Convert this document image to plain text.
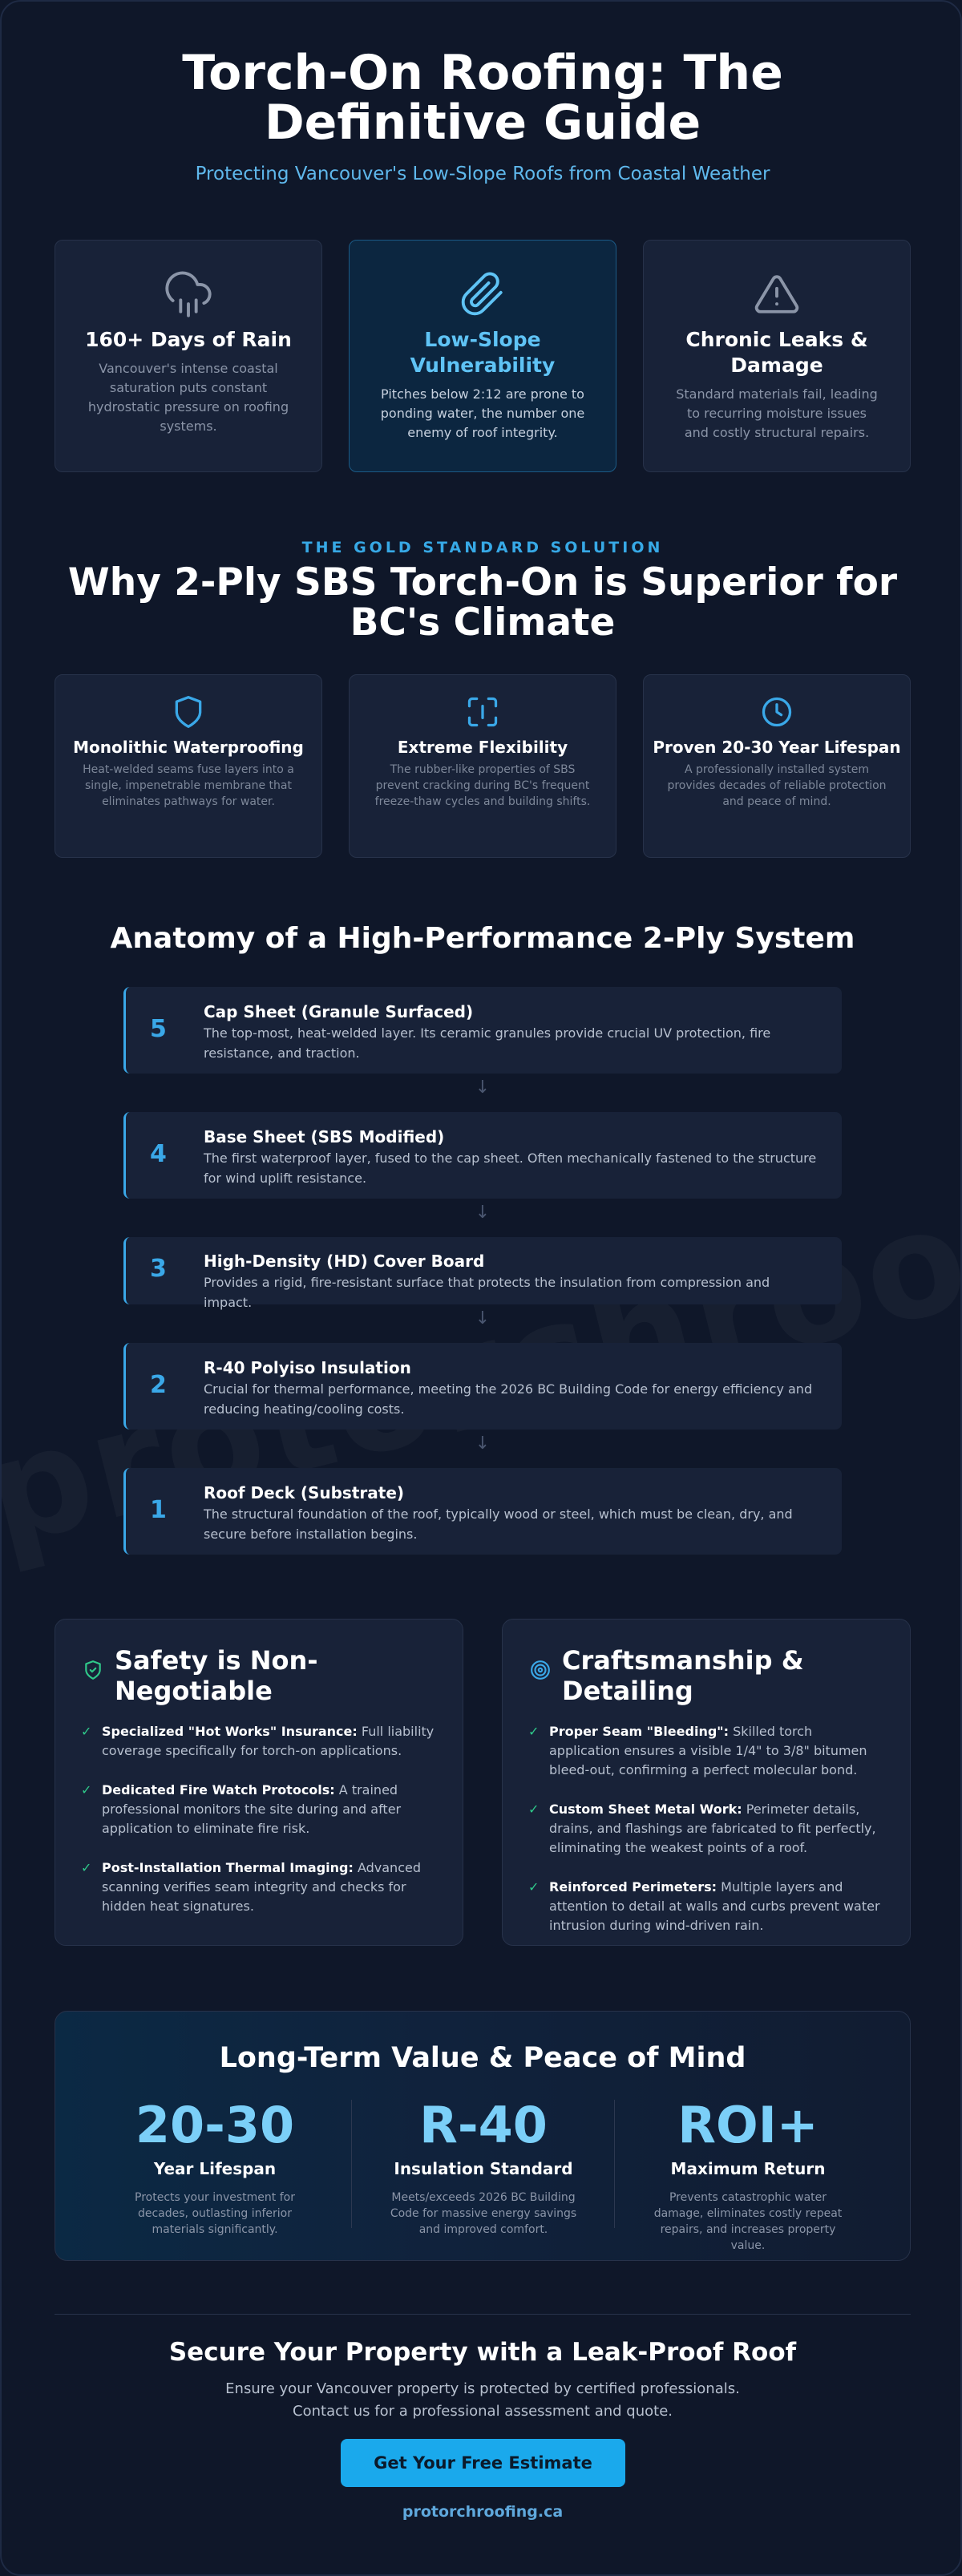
Torch-On Roofing: The Definitive Guide
Protecting Vancouver's Low-Slope Roofs from Coastal Weather
160+ Days of Rain
Vancouver's intense coastal saturation puts constant hydrostatic pressure on roofing systems.
Low-Slope Vulnerability
Pitches below 2:12 are prone to ponding water, the number one enemy of roof integrity.
Chronic Leaks & Damage
Standard materials fail, leading to recurring moisture issues and costly structural repairs.
THE GOLD STANDARD SOLUTION
Why 2-Ply SBS Torch-On is Superior for BC's Climate
Monolithic Waterproofing
Heat-welded seams fuse layers into a single, impenetrable membrane that eliminates pathways for water.
Extreme Flexibility
The rubber-like properties of SBS prevent cracking during BC's frequent freeze-thaw cycles and building shifts.
Proven 20-30 Year Lifespan
A professionally installed system provides decades of reliable protection and peace of mind.
Anatomy of a High-Performance 2-Ply System
5
Cap Sheet (Granule Surfaced)
The top-most, heat-welded layer. Its ceramic granules provide crucial UV protection, fire resistance, and traction.
↓
4
Base Sheet (SBS Modified)
The first waterproof layer, fused to the cap sheet. Often mechanically fastened to the structure for wind uplift resistance.
↓
3 High-Density (HD) Cover Board
Provides a rigid, fire-resistant surface that protects the insulation from compression and impact.
↓
2
R-40 Polyiso Insulation
Crucial for thermal performance, meeting the 2026 BC Building Code for energy efficiency and reducing heating/cooling costs.
↓
1
Roof Deck (Substrate)
The structural foundation of the roof, typically wood or steel, which must be clean, dry, and secure before installation begins.
Safety is Non-Negotiable
✓ Specialized "Hot Works" Insurance: Full liability coverage specifically for torch-on applications.
✓ Dedicated Fire Watch Protocols: A trained professional monitors the site during and after application to eliminate fire risk.
✓ Post-Installation Thermal Imaging: Advanced scanning verifies seam integrity and checks for hidden heat signatures.
Craftsmanship & Detailing
✓ Proper Seam "Bleeding": Skilled torch application ensures a visible 1/4" to 3/8" bitumen bleed-out, confirming a perfect molecular bond.
✓ Custom Sheet Metal Work: Perimeter details, drains, and flashings are fabricated to fit perfectly, eliminating the weakest points of a roof.
✓ Reinforced Perimeters: Multiple layers and attention to detail at walls and curbs prevent water intrusion during wind-driven rain.
Long-Term Value & Peace of Mind
20-30
Year Lifespan
Protects your investment for decades, outlasting inferior materials significantly.
R-40
Insulation Standard
Meets/exceeds 2026 BC Building Code for massive energy savings and improved comfort.
ROI+
Maximum Return
Prevents catastrophic water damage, eliminates costly repeat repairs, and increases property value.
Secure Your Property with a Leak-Proof Roof
Ensure your Vancouver property is protected by certified professionals.
Contact us for a professional assessment and quote.
Get Your Free Estimate
protorchroofing.ca
